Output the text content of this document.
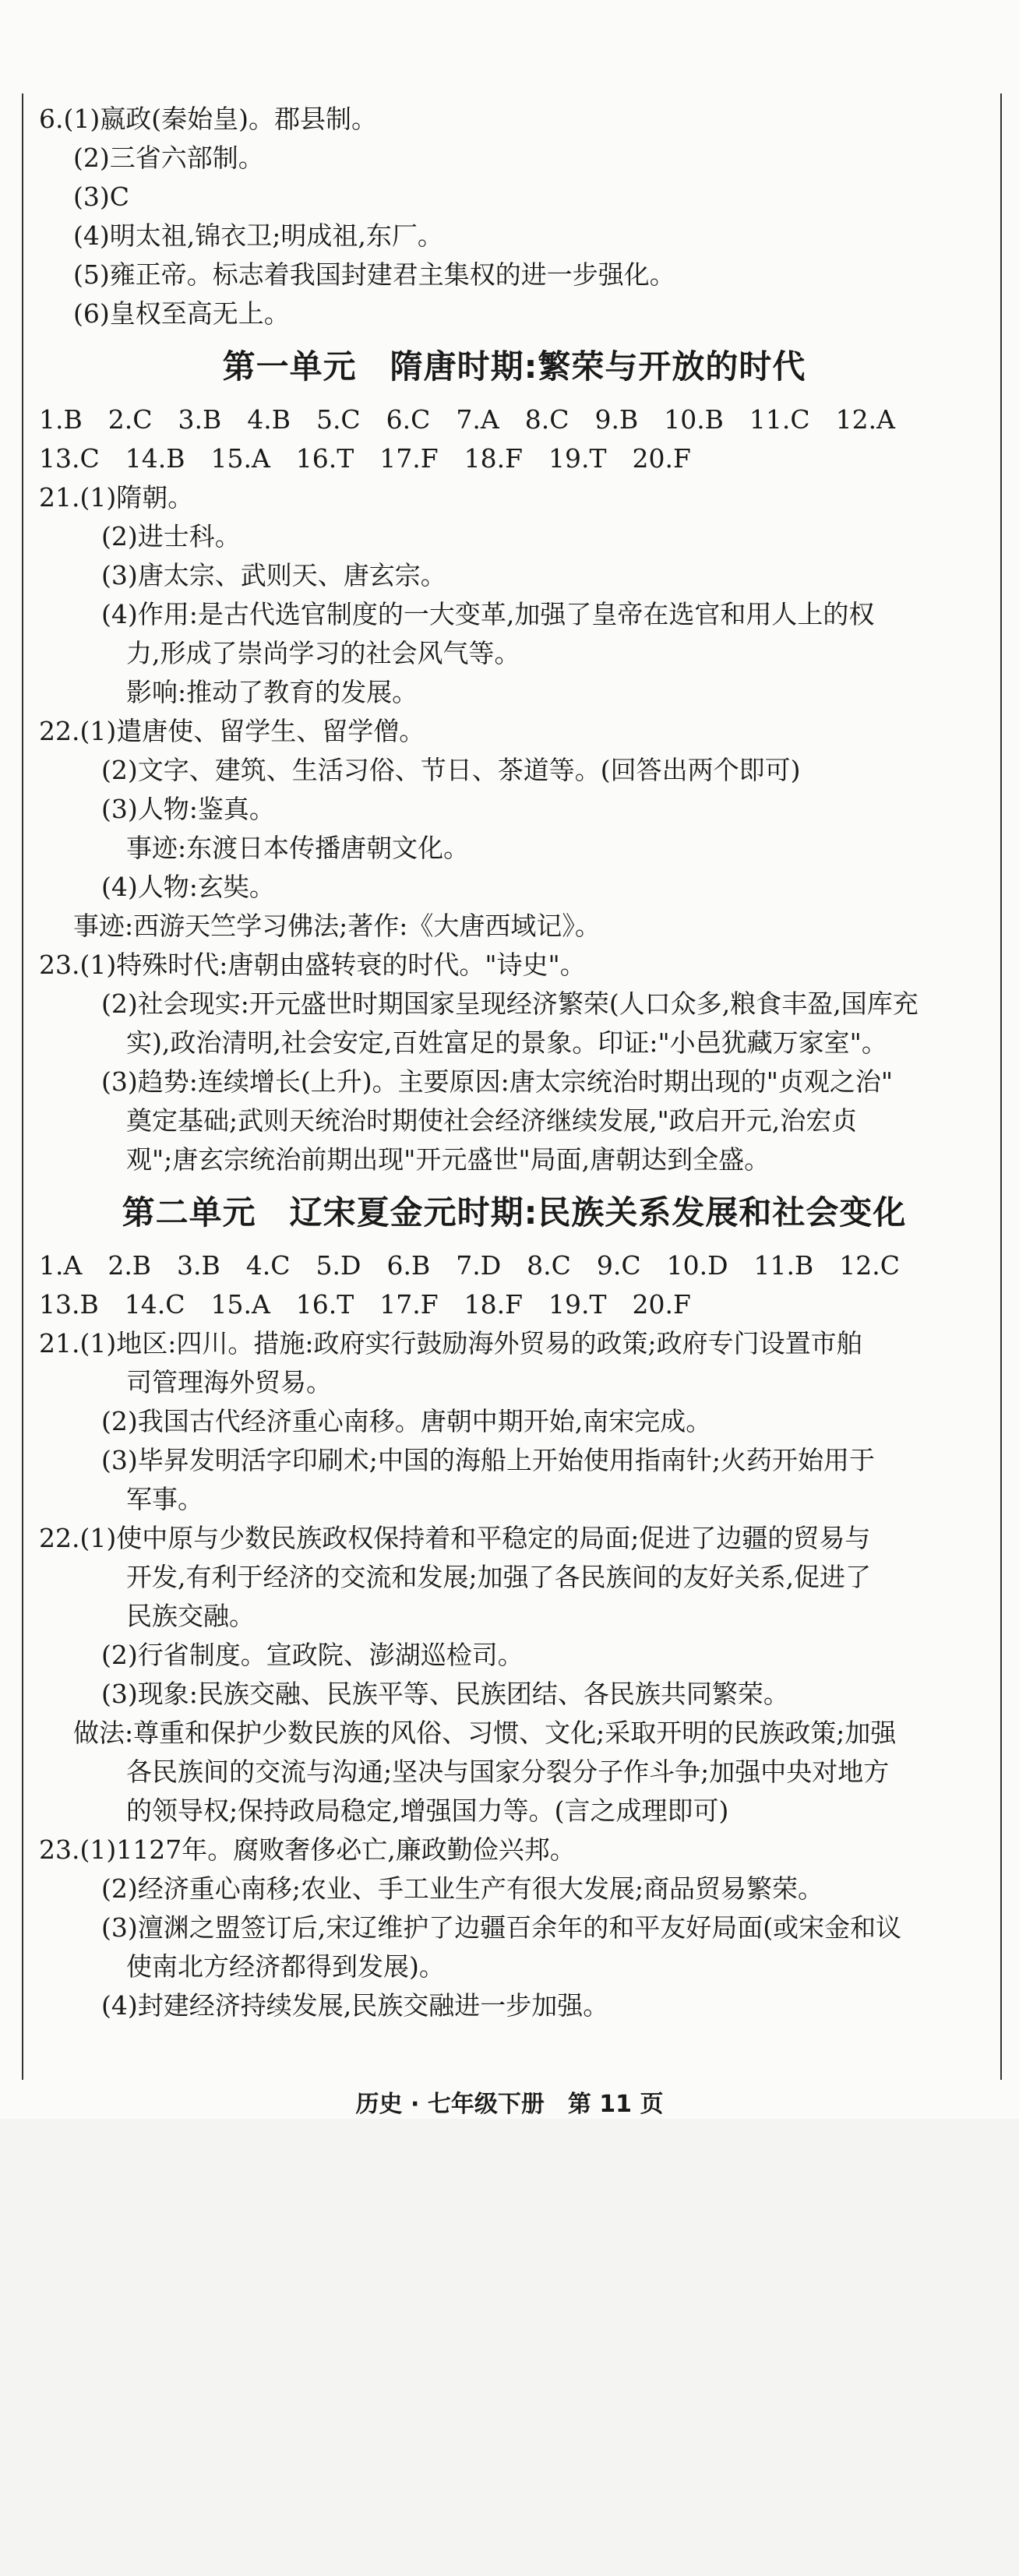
6.(1)嬴政(秦始皇)。郡县制。
(2)三省六部制。
(3)C
(4)明太祖,锦衣卫;明成祖,东厂。
(5)雍正帝。标志着我国封建君主集权的进一步强化。
(6)皇权至高无上。
第一单元　隋唐时期:繁荣与开放的时代
1.B　2.C　3.B　4.B　5.C　6.C　7.A　8.C　9.B　10.B　11.C　12.A
13.C　14.B　15.A　16.T　17.F　18.F　19.T　20.F
21.(1)隋朝。
(2)进士科。
(3)唐太宗、武则天、唐玄宗。
(4)作用:是古代选官制度的一大变革,加强了皇帝在选官和用人上的权
力,形成了崇尚学习的社会风气等。
影响:推动了教育的发展。
22.(1)遣唐使、留学生、留学僧。
(2)文字、建筑、生活习俗、节日、茶道等。(回答出两个即可)
(3)人物:鉴真。
事迹:东渡日本传播唐朝文化。
(4)人物:玄奘。
事迹:西游天竺学习佛法;著作:《大唐西域记》。
23.(1)特殊时代:唐朝由盛转衰的时代。"诗史"。
(2)社会现实:开元盛世时期国家呈现经济繁荣(人口众多,粮食丰盈,国库充
实),政治清明,社会安定,百姓富足的景象。印证:"小邑犹藏万家室"。
(3)趋势:连续增长(上升)。主要原因:唐太宗统治时期出现的"贞观之治"
奠定基础;武则天统治时期使社会经济继续发展,"政启开元,治宏贞
观";唐玄宗统治前期出现"开元盛世"局面,唐朝达到全盛。
第二单元　辽宋夏金元时期:民族关系发展和社会变化
1.A　2.B　3.B　4.C　5.D　6.B　7.D　8.C　9.C　10.D　11.B　12.C
13.B　14.C　15.A　16.T　17.F　18.F　19.T　20.F
21.(1)地区:四川。措施:政府实行鼓励海外贸易的政策;政府专门设置市舶
司管理海外贸易。
(2)我国古代经济重心南移。唐朝中期开始,南宋完成。
(3)毕昇发明活字印刷术;中国的海船上开始使用指南针;火药开始用于
军事。
22.(1)使中原与少数民族政权保持着和平稳定的局面;促进了边疆的贸易与
开发,有利于经济的交流和发展;加强了各民族间的友好关系,促进了
民族交融。
(2)行省制度。宣政院、澎湖巡检司。
(3)现象:民族交融、民族平等、民族团结、各民族共同繁荣。
做法:尊重和保护少数民族的风俗、习惯、文化;采取开明的民族政策;加强
各民族间的交流与沟通;坚决与国家分裂分子作斗争;加强中央对地方
的领导权;保持政局稳定,增强国力等。(言之成理即可)
23.(1)1127年。腐败奢侈必亡,廉政勤俭兴邦。
(2)经济重心南移;农业、手工业生产有很大发展;商品贸易繁荣。
(3)澶渊之盟签订后,宋辽维护了边疆百余年的和平友好局面(或宋金和议
使南北方经济都得到发展)。
(4)封建经济持续发展,民族交融进一步加强。
历史 · 七年级下册　第 11 页
